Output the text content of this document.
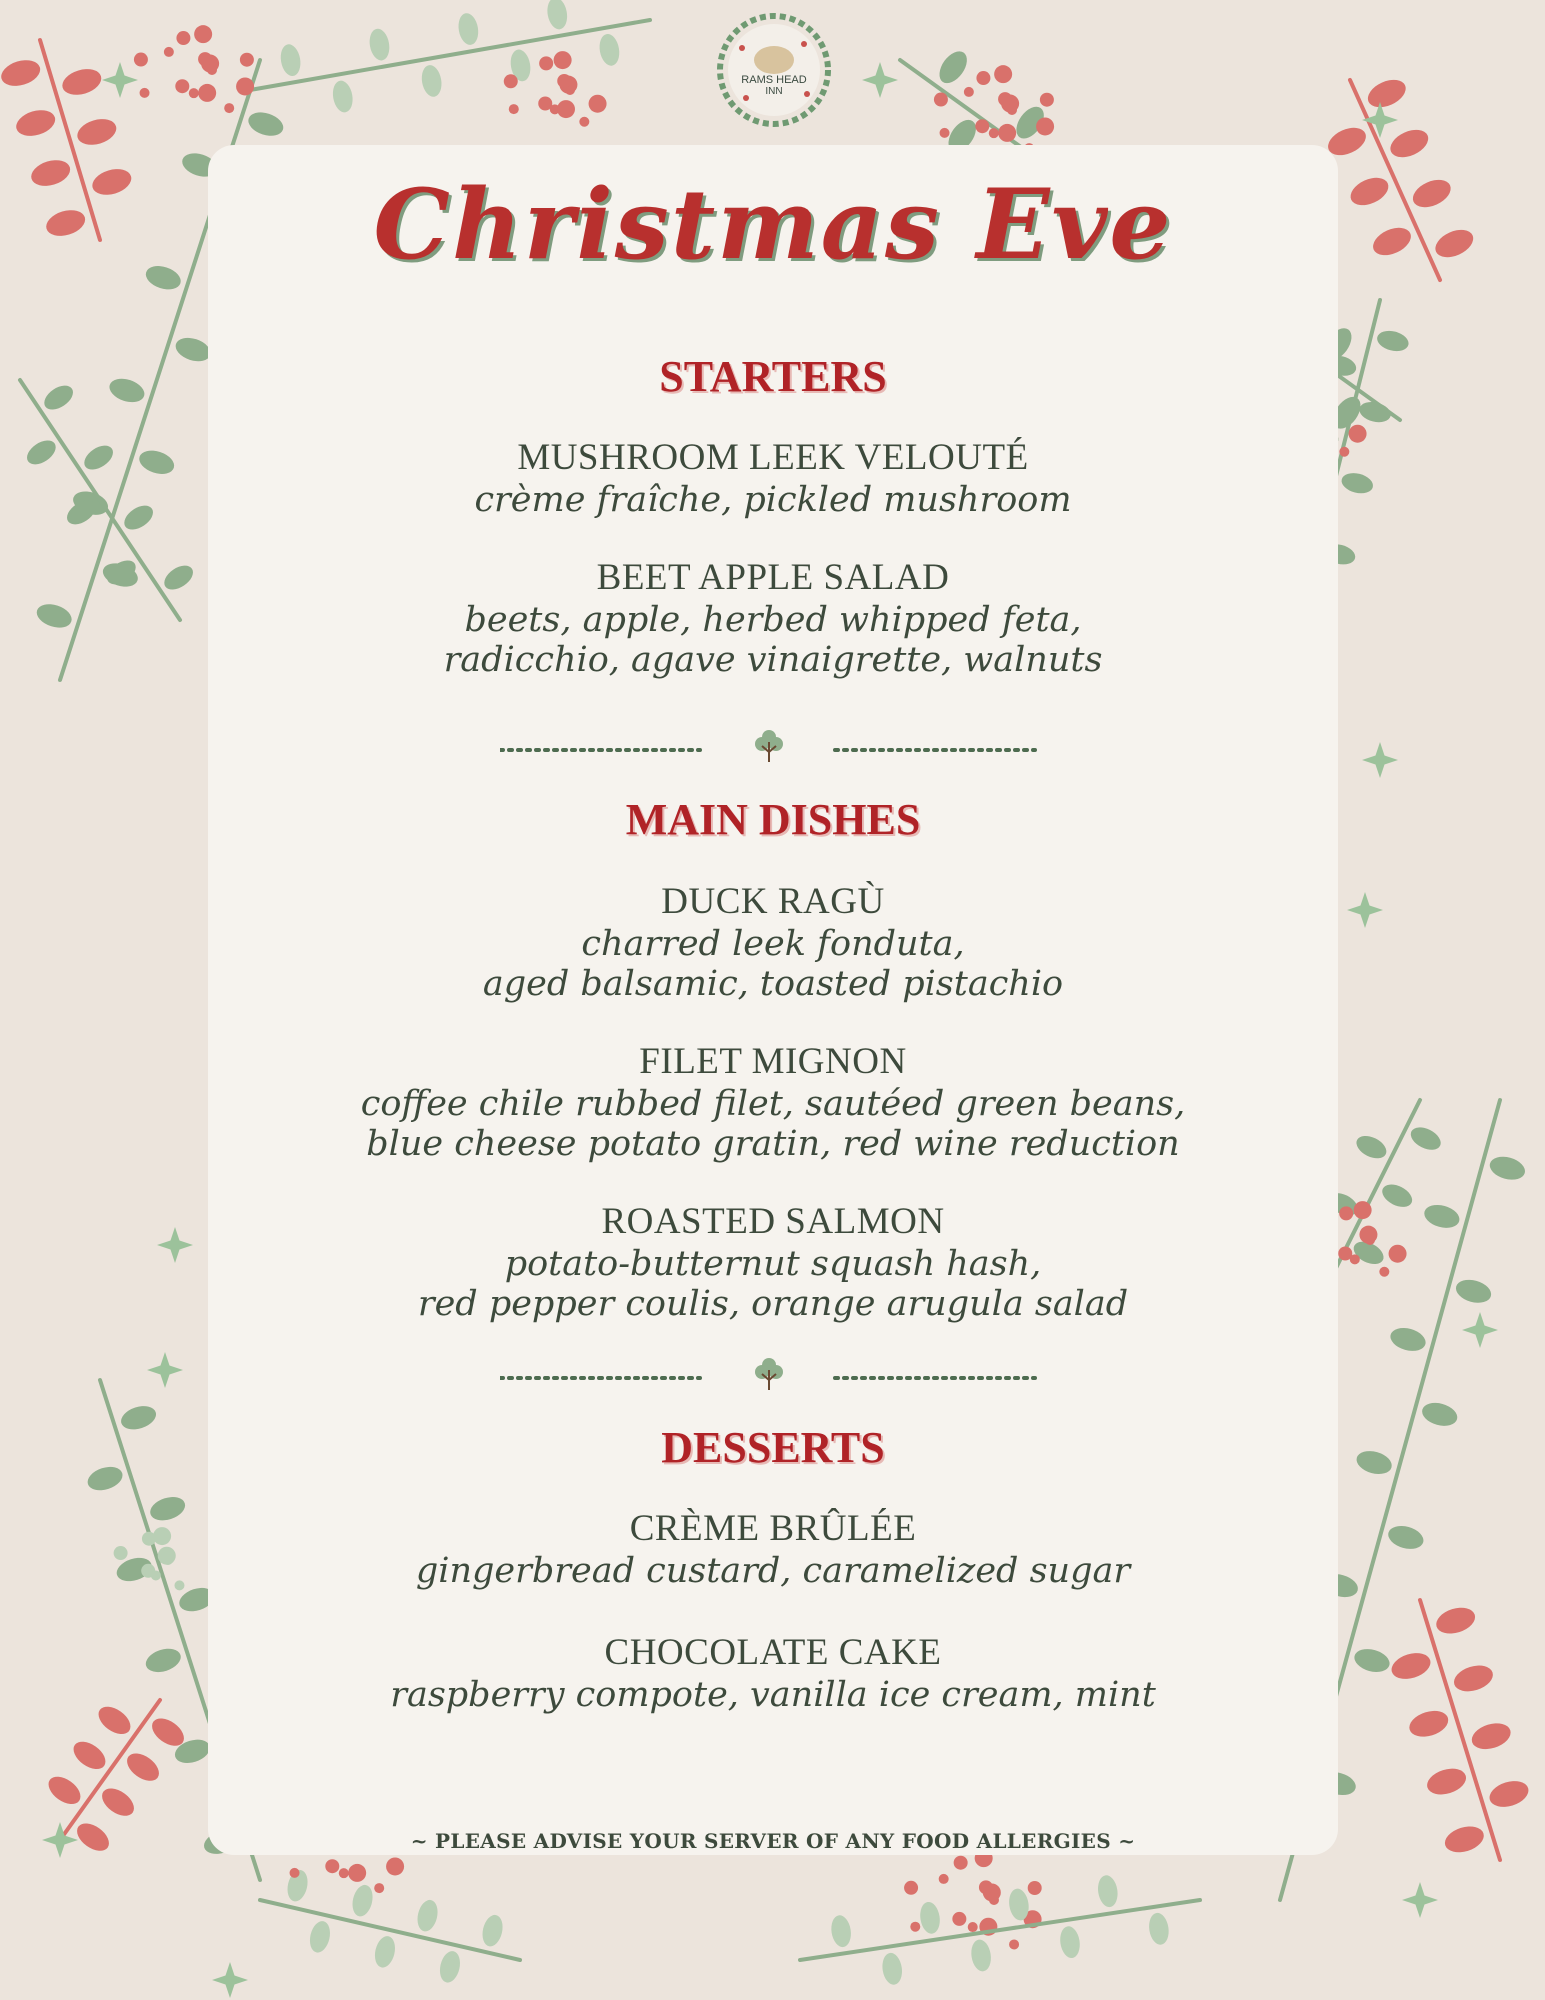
RAMS HEAD
INN
Christmas Eve
STARTERS
MUSHROOM LEEK VELOUTÉ
crème fraîche, pickled mushroom
BEET APPLE SALAD
beets, apple, herbed whipped feta,
radicchio, agave vinaigrette, walnuts
MAIN DISHES
DUCK RAGÙ
charred leek fonduta,
aged balsamic, toasted pistachio
FILET MIGNON
coffee chile rubbed filet, sautéed green beans,
blue cheese potato gratin, red wine reduction
ROASTED SALMON
potato-butternut squash hash,
red pepper coulis, orange arugula salad
DESSERTS
CRÈME BRÛLÉE
gingerbread custard, caramelized sugar
CHOCOLATE CAKE
raspberry compote, vanilla ice cream, mint
~ PLEASE ADVISE YOUR SERVER OF ANY FOOD ALLERGIES ~
